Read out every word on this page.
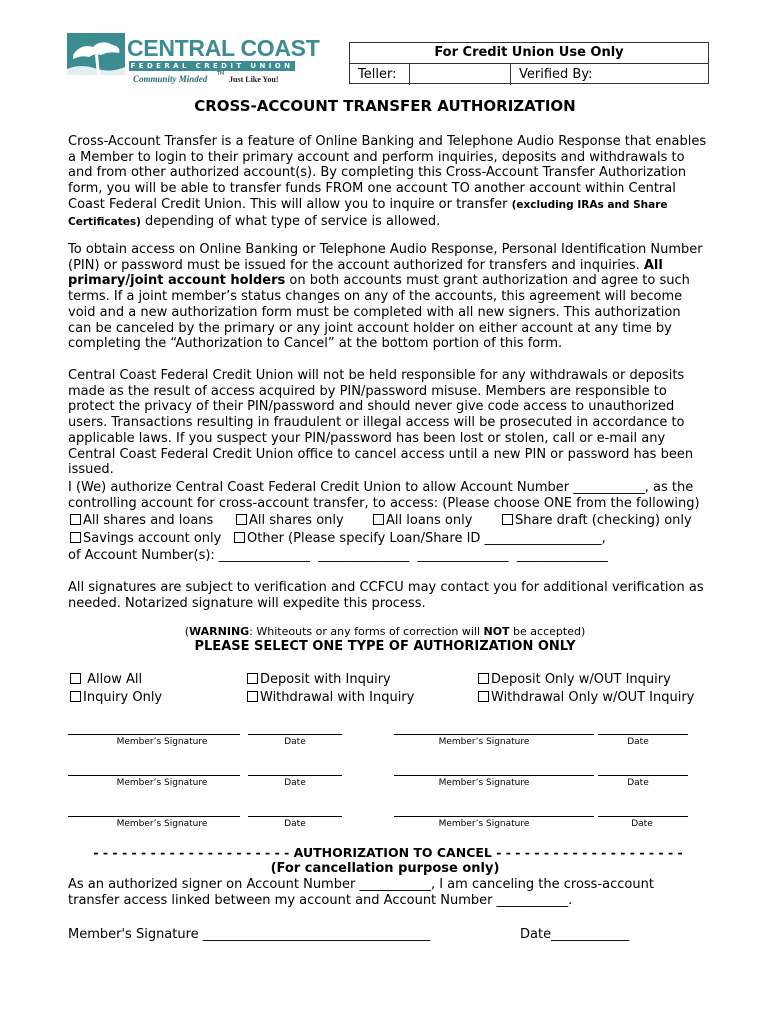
CENTRAL COAST
FEDERAL CREDIT UNION
Community Minded TM
Just Like You!
For Credit Union Use Only
Teller:	Verified By:
CROSS-ACCOUNT TRANSFER AUTHORIZATION
Cross-Account Transfer is a feature of Online Banking and Telephone Audio Response that enables a Member to login to their primary account and perform inquiries, deposits and withdrawals to and from other authorized account(s). By completing this Cross-Account Transfer Authorization form, you will be able to transfer funds FROM one account TO another account within Central Coast Federal Credit Union. This will allow you to inquire or transfer (excluding IRAs and Share Certificates) depending of what type of service is allowed.
To obtain access on Online Banking or Telephone Audio Response, Personal Identification Number (PIN) or password must be issued for the account authorized for transfers and inquiries. All primary/joint account holders on both accounts must grant authorization and agree to such terms. If a joint member’s status changes on any of the accounts, this agreement will become void and a new authorization form must be completed with all new signers. This authorization can be canceled by the primary or any joint account holder on either account at any time by completing the “Authorization to Cancel” at the bottom portion of this form.
Central Coast Federal Credit Union will not be held responsible for any withdrawals or deposits made as the result of access acquired by PIN/password misuse. Members are responsible to protect the privacy of their PIN/password and should never give code access to unauthorized users. Transactions resulting in fraudulent or illegal access will be prosecuted in accordance to applicable laws. If you suspect your PIN/password has been lost or stolen, call or e-mail any Central Coast Federal Credit Union office to cancel access until a new PIN or password has been issued.
I (We) authorize Central Coast Federal Credit Union to allow Account Number ___________, as the
controlling account for cross-account transfer, to access: (Please choose ONE from the following)
All shares and loans	All shares only	All loans only	Share draft (checking) only
Savings account only	Other (Please specify Loan/Share ID __________________,
of Account Number(s): ______________  ______________  ______________  ______________
All signatures are subject to verification and CCFCU may contact you for additional verification as needed. Notarized signature will expedite this process.
(WARNING: Whiteouts or any forms of correction will NOT be accepted)
PLEASE SELECT ONE TYPE OF AUTHORIZATION ONLY
Allow All
Inquiry Only
Deposit with Inquiry
Withdrawal with Inquiry
Deposit Only w/OUT Inquiry
Withdrawal Only w/OUT Inquiry
Member’s Signature	Date	Member’s Signature	Date
Member’s Signature	Date	Member’s Signature	Date
Member’s Signature	Date	Member’s Signature	Date
- - - - - - - - - - - - - - - - - - - - - AUTHORIZATION TO CANCEL - - - - - - - - - - - - - - - - - - - -
(For cancellation purpose only)
As an authorized signer on Account Number ___________, I am canceling the cross-account
transfer access linked between my account and Account Number ___________.
Member's Signature ___________________________________	Date____________
